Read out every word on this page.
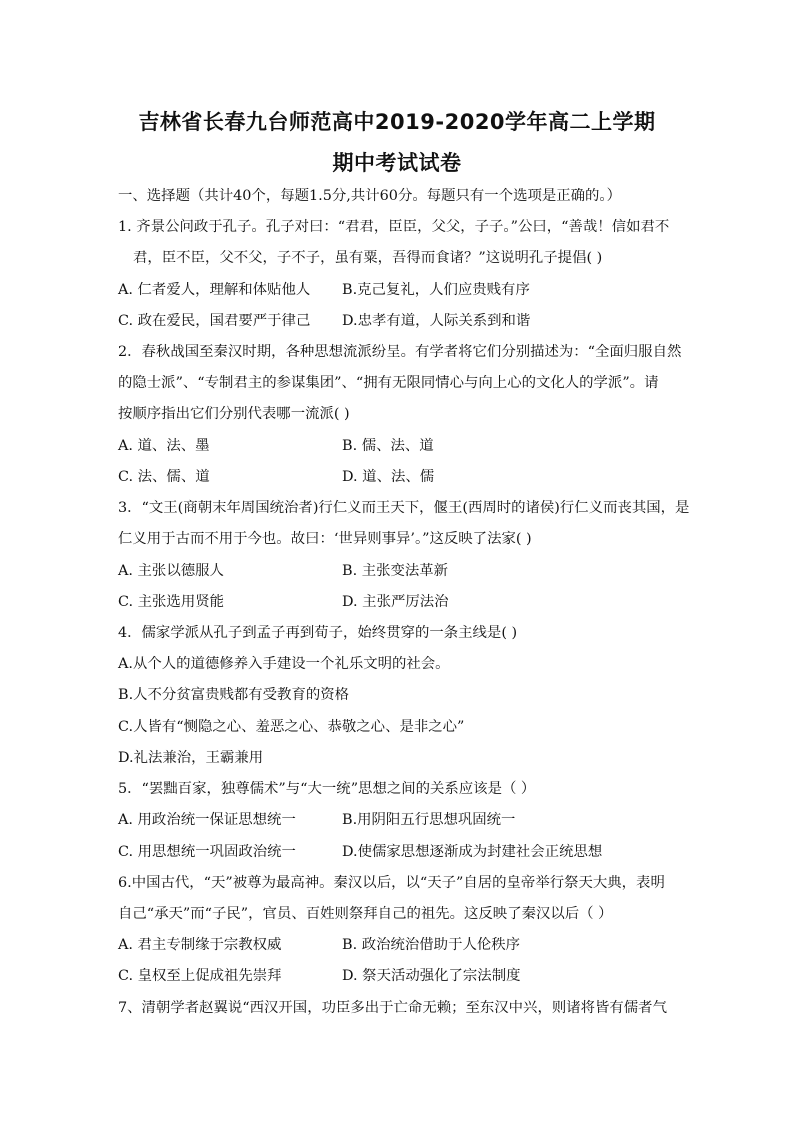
吉林省长春九台师范高中2019-2020学年高二上学期
期中考试试卷
一、选择题（共计40个，每题1.5分,共计60分。每题只有一个选项是正确的。）
1. 齐景公问政于孔子。孔子对曰：“君君，臣臣，父父，子子。”公曰，“善哉！信如君不
君，臣不臣，父不父，子不子，虽有粟，吾得而食诸？”这说明孔子提倡( )
A. 仁者爱人，理解和体贴他人 B.克己复礼，人们应贵贱有序
C. 政在爱民，国君要严于律己 D.忠孝有道，人际关系到和谐
2．春秋战国至秦汉时期，各种思想流派纷呈。有学者将它们分别描述为：“全面归服自然
的隐士派”、“专制君主的参谋集团”、“拥有无限同情心与向上心的文化人的学派”。请
按顺序指出它们分别代表哪一流派( )
A. 道、法、墨	B. 儒、法、道
C. 法、儒、道	D. 道、法、儒
3．“文王(商朝末年周国统治者)行仁义而王天下，偃王(西周时的诸侯)行仁义而丧其国，是
仁义用于古而不用于今也。故曰：‘世异则事异’。”这反映了法家( )
A. 主张以德服人	B. 主张变法革新
C. 主张选用贤能	D. 主张严厉法治
4．儒家学派从孔子到孟子再到荀子，始终贯穿的一条主线是( )
A.从个人的道德修养入手建设一个礼乐文明的社会。
B.人不分贫富贵贱都有受教育的资格
C.人皆有“恻隐之心、羞恶之心、恭敬之心、是非之心”
D.礼法兼治，王霸兼用
5．“罢黜百家，独尊儒术”与“大一统”思想之间的关系应该是（ ）
A. 用政治统一保证思想统一	B.用阴阳五行思想巩固统一
C. 用思想统一巩固政治统一	D.使儒家思想逐渐成为封建社会正统思想
6.中国古代，“天”被尊为最高神。秦汉以后，以“天子”自居的皇帝举行祭天大典，表明
自己“承天”而“子民”，官员、百姓则祭拜自己的祖先。这反映了秦汉以后（ ）
A. 君主专制缘于宗教权威	B. 政治统治借助于人伦秩序
C. 皇权至上促成祖先崇拜	D. 祭天活动强化了宗法制度
7、清朝学者赵翼说“西汉开国，功臣多出于亡命无赖；至东汉中兴，则诸将皆有儒者气
